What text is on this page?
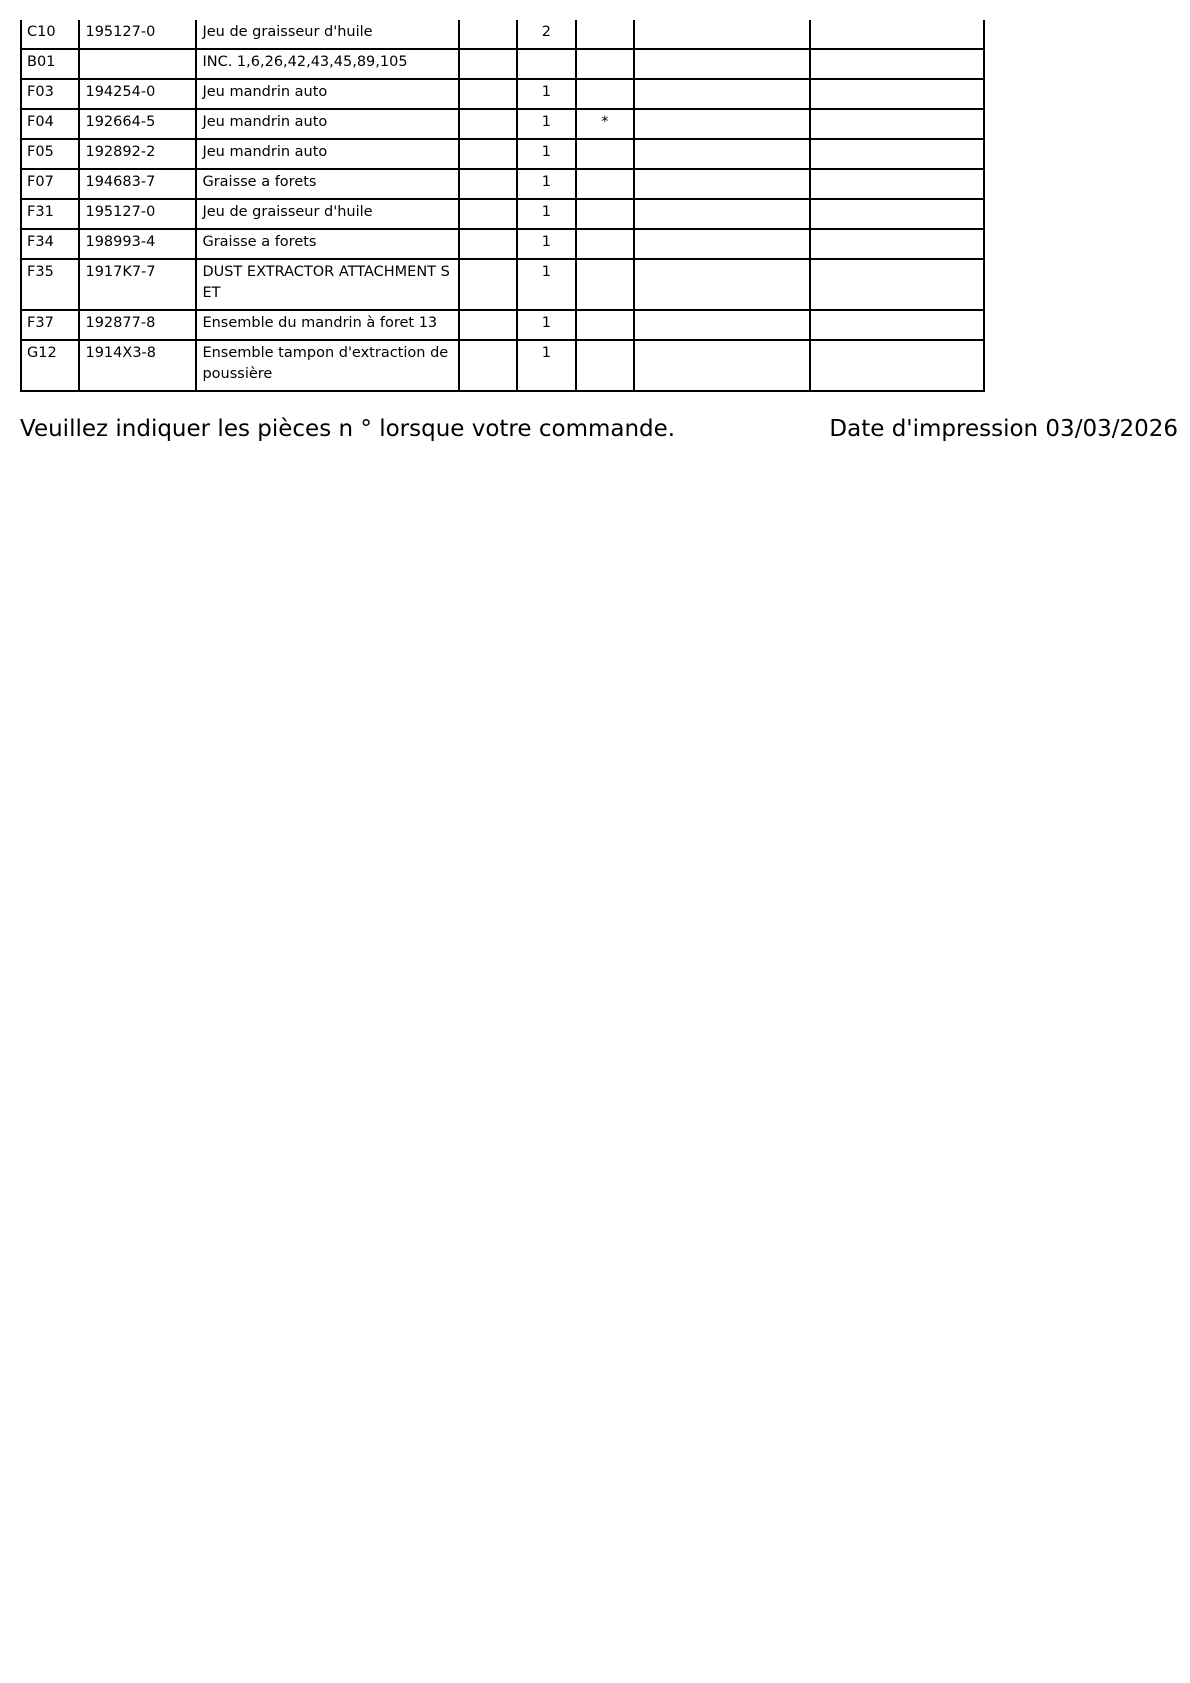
C10	195127-0	Jeu de graisseur d'huile		2			
B01		INC. 1,6,26,42,43,45,89,105					
F03	194254-0	Jeu mandrin auto		1			
F04	192664-5	Jeu mandrin auto		1	*		
F05	192892-2	Jeu mandrin auto		1			
F07	194683-7	Graisse a forets		1			
F31	195127-0	Jeu de graisseur d'huile		1			
F34	198993-4	Graisse a forets		1			
F35	1917K7-7	DUST EXTRACTOR ATTACHMENT SET		1			
F37	192877-8	Ensemble du mandrin à foret 13		1			
G12	1914X3-8	Ensemble tampon d'extraction de poussière		1			
Veuillez indiquer les pièces n ° lorsque votre commande.	Date d'impression 03/03/2026
